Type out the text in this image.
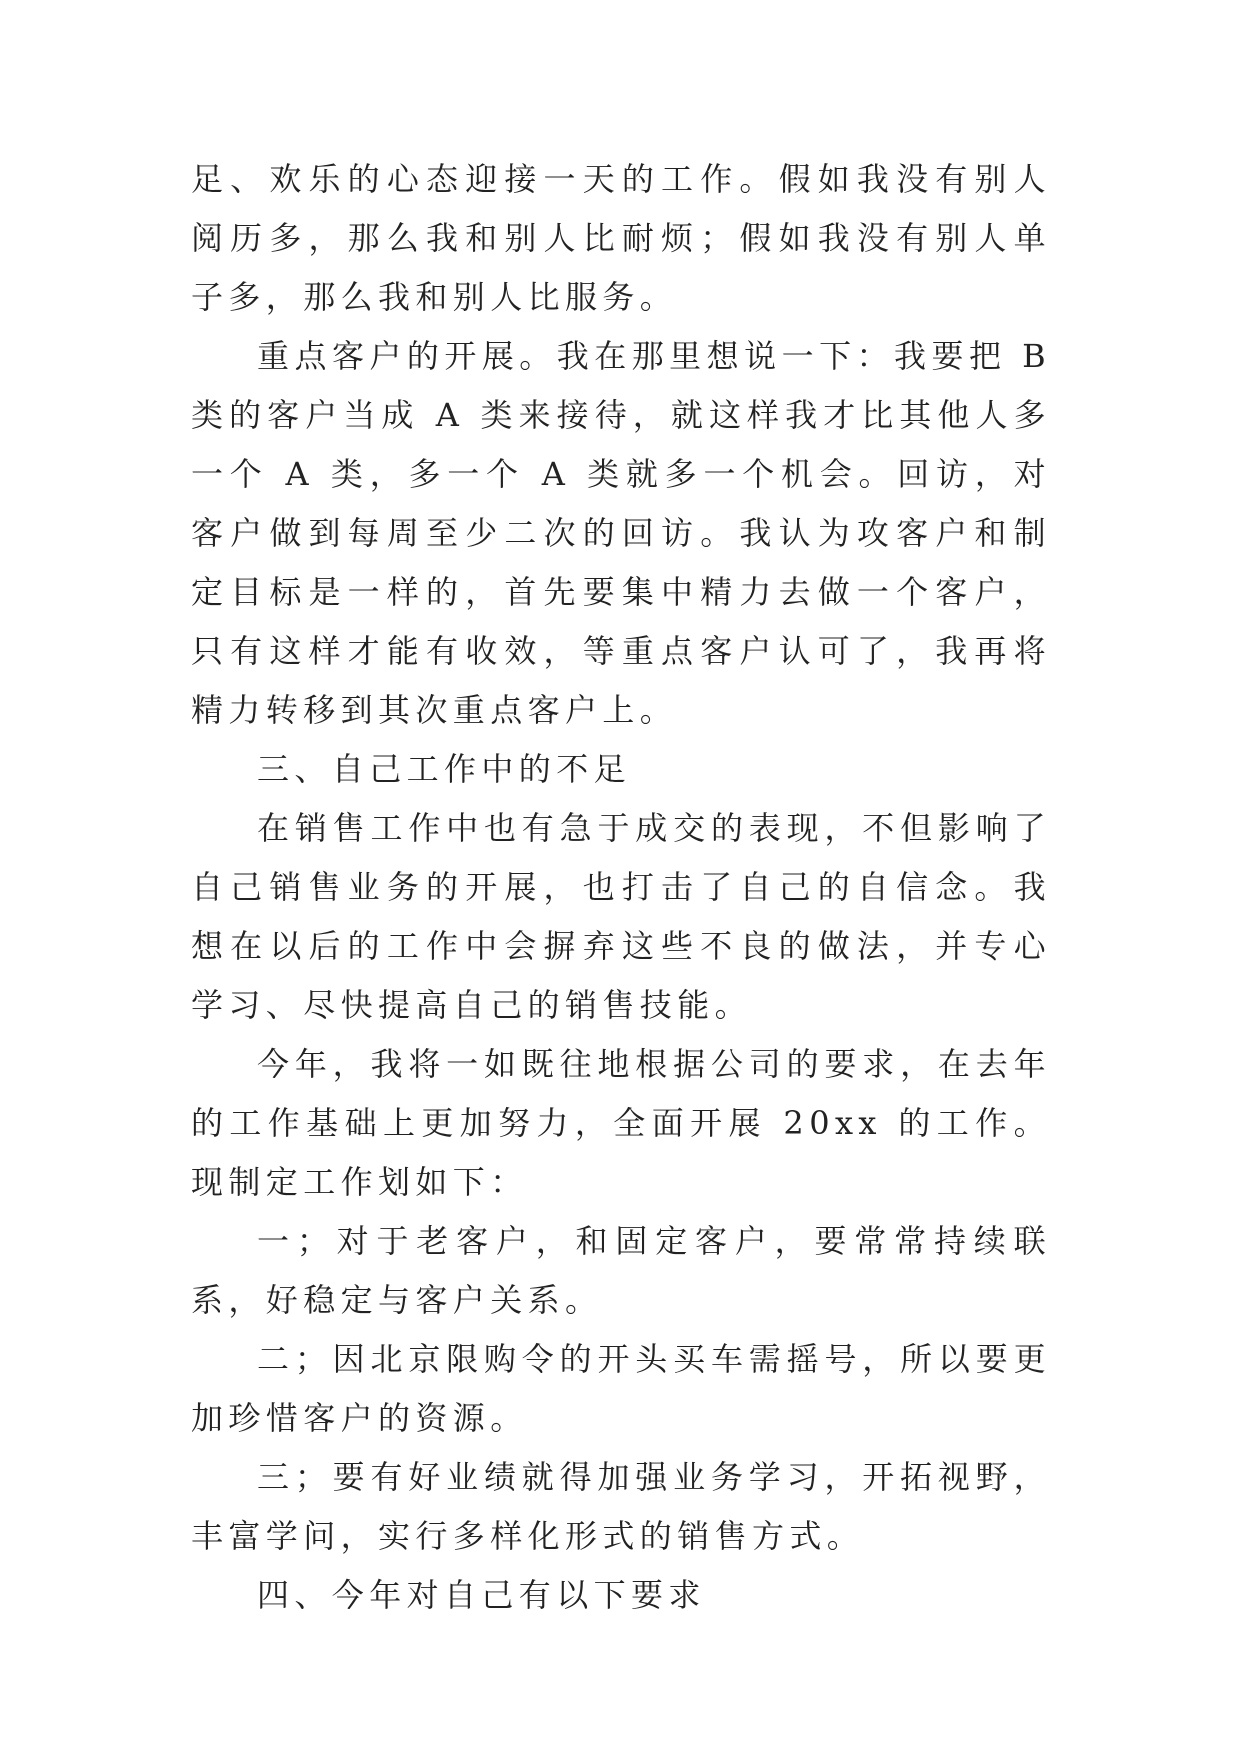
足、欢乐的心态迎接一天的工作。假如我没有别人阅历多，那么我和别人比耐烦；假如我没有别人单子多，那么我和别人比服务。

重点客户的开展。我在那里想说一下：我要把 B 类的客户当成 A 类来接待，就这样我才比其他人多一个 A 类，多一个 A 类就多一个机会。回访，对客户做到每周至少二次的回访。我认为攻客户和制定目标是一样的，首先要集中精力去做一个客户，只有这样才能有收效，等重点客户认可了，我再将精力转移到其次重点客户上。

三、自己工作中的不足

在销售工作中也有急于成交的表现，不但影响了自己销售业务的开展，也打击了自己的自信念。我想在以后的工作中会摒弃这些不良的做法，并专心学习、尽快提高自己的销售技能。

今年，我将一如既往地根据公司的要求，在去年的工作基础上更加努力，全面开展 20xx 的工作。现制定工作划如下：

一；对于老客户，和固定客户，要常常持续联系，好稳定与客户关系。

二；因北京限购令的开头买车需摇号，所以要更加珍惜客户的资源。

三；要有好业绩就得加强业务学习，开拓视野，丰富学问，实行多样化形式的销售方式。

四、今年对自己有以下要求
